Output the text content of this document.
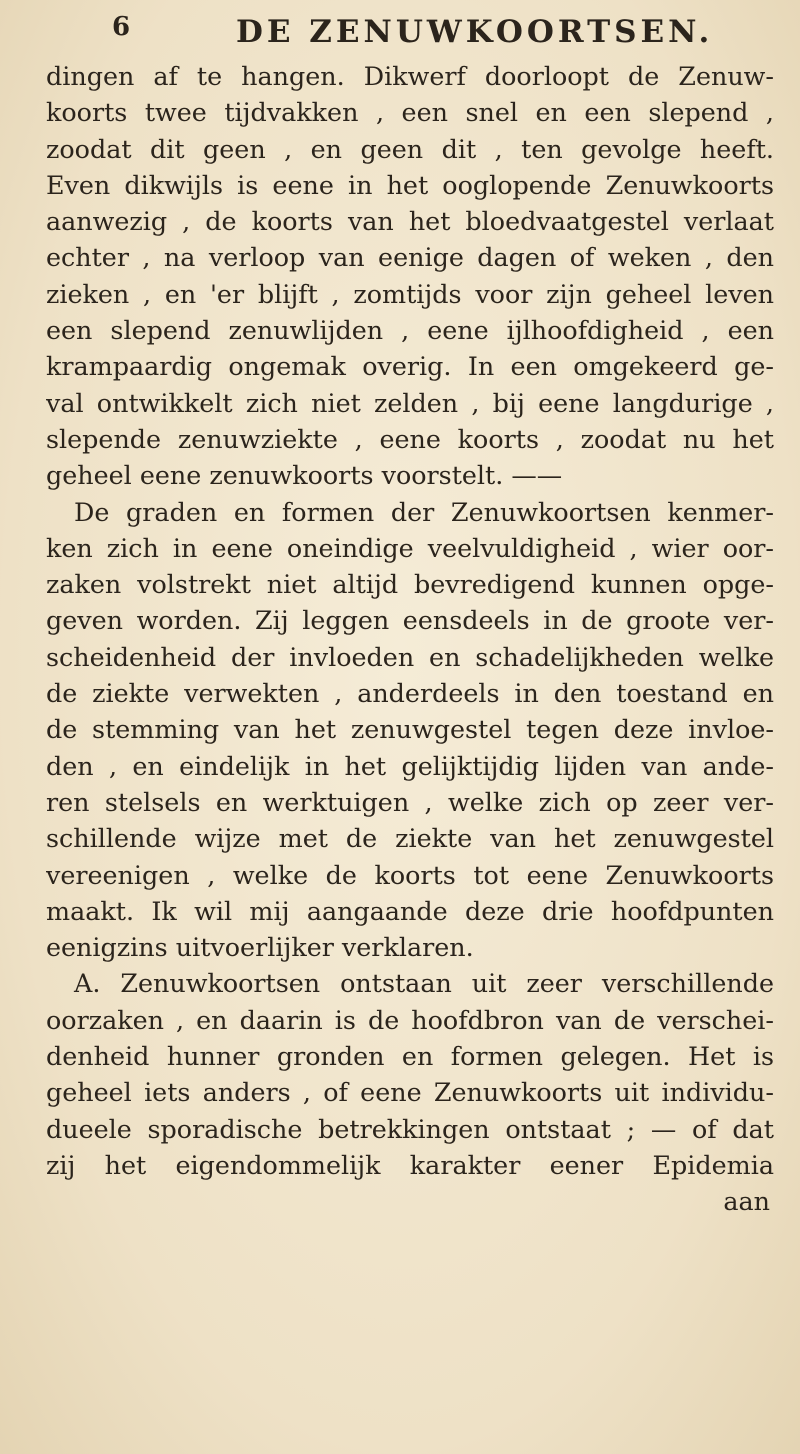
6	DE ZENUWKOORTSEN.
dingen af te hangen. Dikwerf doorloopt de Zenuw-
koorts twee tijdvakken , een snel en een slepend ,
zoodat dit geen , en geen dit , ten gevolge heeft.
Even dikwijls is eene in het ooglopende Zenuwkoorts
aanwezig , de koorts van het bloedvaatgestel verlaat
echter , na verloop van eenige dagen of weken , den
zieken , en 'er blijft , zomtijds voor zijn geheel leven
een slepend zenuwlijden , eene ijlhoofdigheid , een
krampaardig ongemak overig. In een omgekeerd ge-
val ontwikkelt zich niet zelden , bij eene langdurige ,
slepende zenuwziekte , eene koorts , zoodat nu het
geheel eene zenuwkoorts voorstelt. ——
De graden en formen der Zenuwkoortsen kenmer-
ken zich in eene oneindige veelvuldigheid , wier oor-
zaken volstrekt niet altijd bevredigend kunnen opge-
geven worden. Zij leggen eensdeels in de groote ver-
scheidenheid der invloeden en schadelijkheden welke
de ziekte verwekten , anderdeels in den toestand en
de stemming van het zenuwgestel tegen deze invloe-
den , en eindelijk in het gelijktijdig lijden van ande-
ren stelsels en werktuigen , welke zich op zeer ver-
schillende wijze met de ziekte van het zenuwgestel
vereenigen , welke de koorts tot eene Zenuwkoorts
maakt. Ik wil mij aangaande deze drie hoofdpunten
eenigzins uitvoerlijker verklaren.
A. Zenuwkoortsen ontstaan uit zeer verschillende
oorzaken , en daarin is de hoofdbron van de verschei-
denheid hunner gronden en formen gelegen. Het is
geheel iets anders , of eene Zenuwkoorts uit individu-
dueele sporadische betrekkingen ontstaat ; — of dat
zij het eigendommelijk karakter eener Epidemia
aan
